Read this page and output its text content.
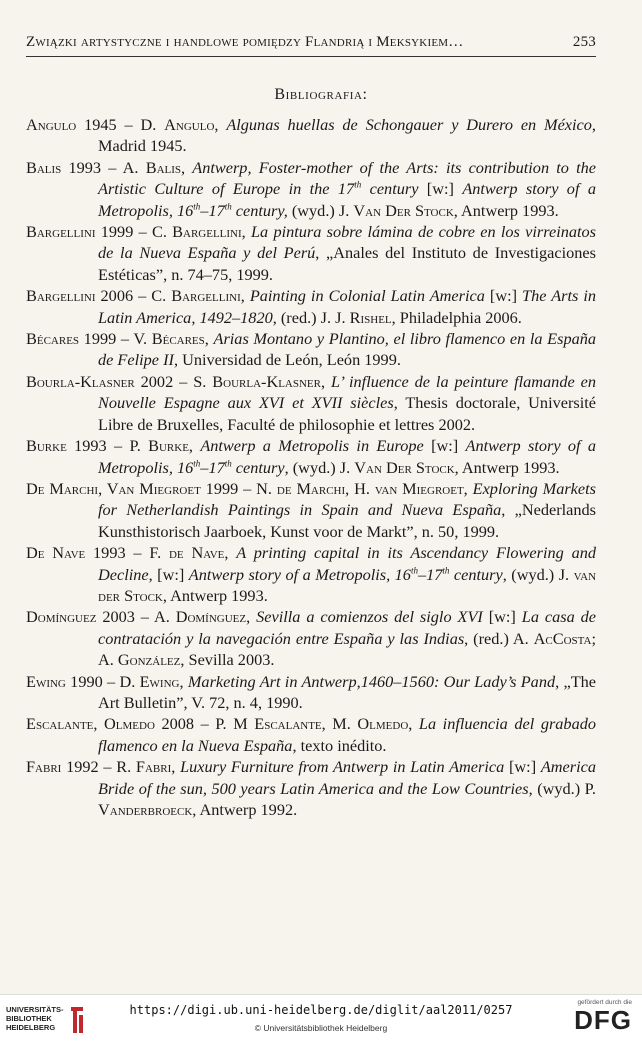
Związki artystyczne i handlowe pomiędzy Flandrią i Meksykiem…	253
Bibliografia:

Angulo 1945 – D. Angulo, Algunas huellas de Schongauer y Durero en México, Madrid 1945.

Balis 1993 – A. Balis, Antwerp, Foster-mother of the Arts: its contribution to the Artistic Culture of Europe in the 17th century [w:] Antwerp story of a Metropolis, 16th–17th century, (wyd.) J. Van Der Stock, Antwerp 1993.

Bargellini 1999 – C. Bargellini, La pintura sobre lámina de cobre en los virreinatos de la Nueva España y del Perú, „Anales del Instituto de Investigaciones Estéticas”, n. 74–75, 1999.

Bargellini 2006 – C. Bargellini, Painting in Colonial Latin America [w:] The Arts in Latin America, 1492–1820, (red.) J. J. Rishel, Philadelphia 2006.

Bécares 1999 – V. Bécares, Arias Montano y Plantino, el libro flamenco en la España de Felipe II, Universidad de León, León 1999.

Bourla-Klasner 2002 – S. Bourla-Klasner, L’ influence de la peinture flamande en Nouvelle Espagne aux XVI et XVII siècles, Thesis doctorale, Université Libre de Bruxelles, Faculté de philosophie et lettres 2002.

Burke 1993 – P. Burke, Antwerp a Metropolis in Europe [w:] Antwerp story of a Metropolis, 16th–17th century, (wyd.) J. Van Der Stock, Antwerp 1993.

De Marchi, Van Miegroet 1999 – N. de Marchi, H. van Miegroet, Exploring Markets for Netherlandish Paintings in Spain and Nueva España, „Nederlands Kunsthistorisch Jaarboek, Kunst voor de Markt”, n. 50, 1999.

De Nave 1993 – F. de Nave, A printing capital in its Ascendancy Flowering and Decline, [w:] Antwerp story of a Metropolis, 16th–17th century, (wyd.) J. van der Stock, Antwerp 1993.

Domínguez 2003 – A. Domínguez, Sevilla a comienzos del siglo XVI [w:] La casa de contratación y la navegación entre España y las Indias, (red.) A. AcCosta; A. González, Sevilla 2003.

Ewing 1990 – D. Ewing, Marketing Art in Antwerp,1460–1560: Our Lady’s Pand, „The Art Bulletin”, V. 72, n. 4, 1990.

Escalante, Olmedo 2008 – P. M Escalante, M. Olmedo, La influencia del grabado flamenco en la Nueva España, texto inédito.

Fabri 1992 – R. Fabri, Luxury Furniture from Antwerp in Latin America [w:] America Bride of the sun, 500 years Latin America and the Low Countries, (wyd.) P. Vanderbroeck, Antwerp 1992.

UNIVERSITÄTS-
BIBLIOTHEK
HEIDELBERG
https://digi.ub.uni-heidelberg.de/diglit/aal2011/0257
© Universitätsbibliothek Heidelberg
gefördert durch die
DFG
